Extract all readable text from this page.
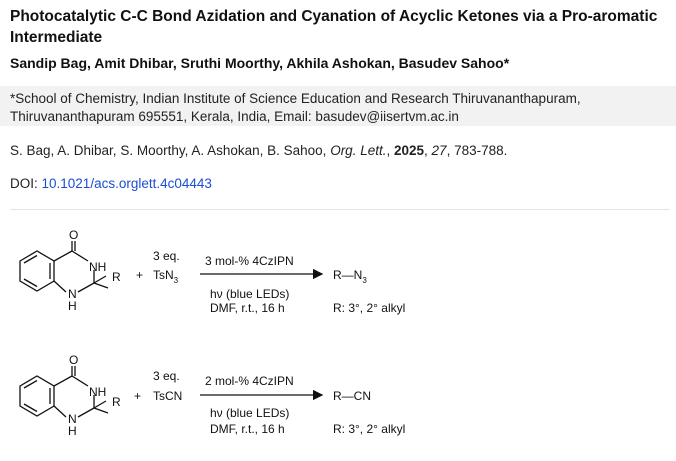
Photocatalytic C-C Bond Azidation and Cyanation of Acyclic Ketones via a Pro-aromatic Intermediate
Sandip Bag, Amit Dhibar, Sruthi Moorthy, Akhila Ashokan, Basudev Sahoo*
*School of Chemistry, Indian Institute of Science Education and Research Thiruvananthapuram, Thiruvananthapuram 695551, Kerala, India, Email: basudev@iisertvm.ac.in
S. Bag, A. Dhibar, S. Moorthy, A. Ashokan, B. Sahoo, Org. Lett., 2025, 27, 783-788.
DOI: 10.1021/acs.orglett.4c04443
O
NH
N
H
R +
3 eq.
TsN$_3$
3 mol-% 4CzIPN
hν (blue LEDs)
DMF, r.t., 16 h
$R—N_3$
R: 3°, 2° alkyl
O
NH
N
H
R +
3 eq.
TsCN
2 mol-% 4CzIPN
hν (blue LEDs)
DMF, r.t., 16 h
R—CN
R: 3°, 2° alkyl
